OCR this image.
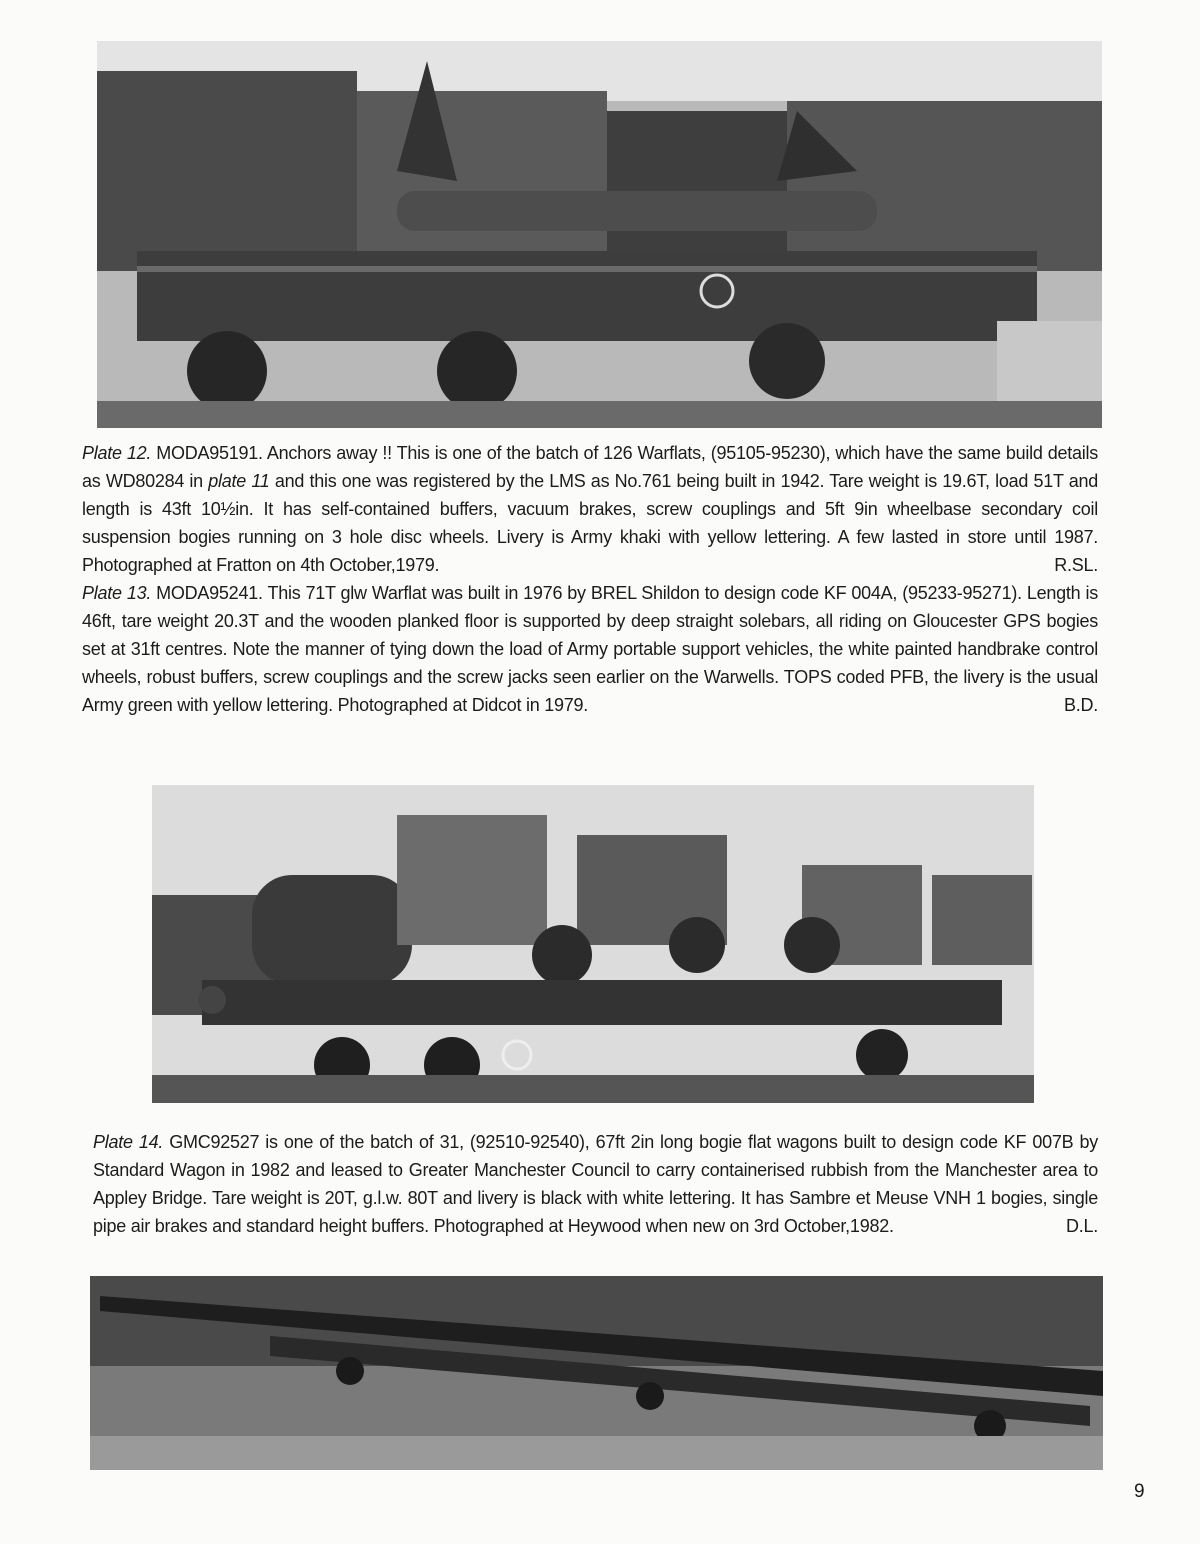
Plate 12. MODA95191. Anchors away !! This is one of the batch of 126 Warflats, (95105-95230), which have the same build details as WD80284 in plate 11 and this one was registered by the LMS as No.761 being built in 1942. Tare weight is 19.6T, load 51T and length is 43ft 10½in. It has self-contained buffers, vacuum brakes, screw couplings and 5ft 9in wheelbase secondary coil suspension bogies running on 3 hole disc wheels. Livery is Army khaki with yellow lettering. A few lasted in store until 1987. Photographed at Fratton on 4th October,1979.	R.SL.

Plate 13. MODA95241. This 71T glw Warflat was built in 1976 by BREL Shildon to design code KF 004A, (95233-95271). Length is 46ft, tare weight 20.3T and the wooden planked floor is supported by deep straight solebars, all riding on Gloucester GPS bogies set at 31ft centres. Note the manner of tying down the load of Army portable support vehicles, the white painted handbrake control wheels, robust buffers, screw couplings and the screw jacks seen earlier on the Warwells. TOPS coded PFB, the livery is the usual Army green with yellow lettering. Photographed at Didcot in 1979.	B.D.

Plate 14. GMC92527 is one of the batch of 31, (92510-92540), 67ft 2in long bogie flat wagons built to design code KF 007B by Standard Wagon in 1982 and leased to Greater Manchester Council to carry containerised rubbish from the Manchester area to Appley Bridge. Tare weight is 20T, g.l.w. 80T and livery is black with white lettering. It has Sambre et Meuse VNH 1 bogies, single pipe air brakes and standard height buffers. Photographed at Heywood when new on 3rd October,1982.	D.L.

9
